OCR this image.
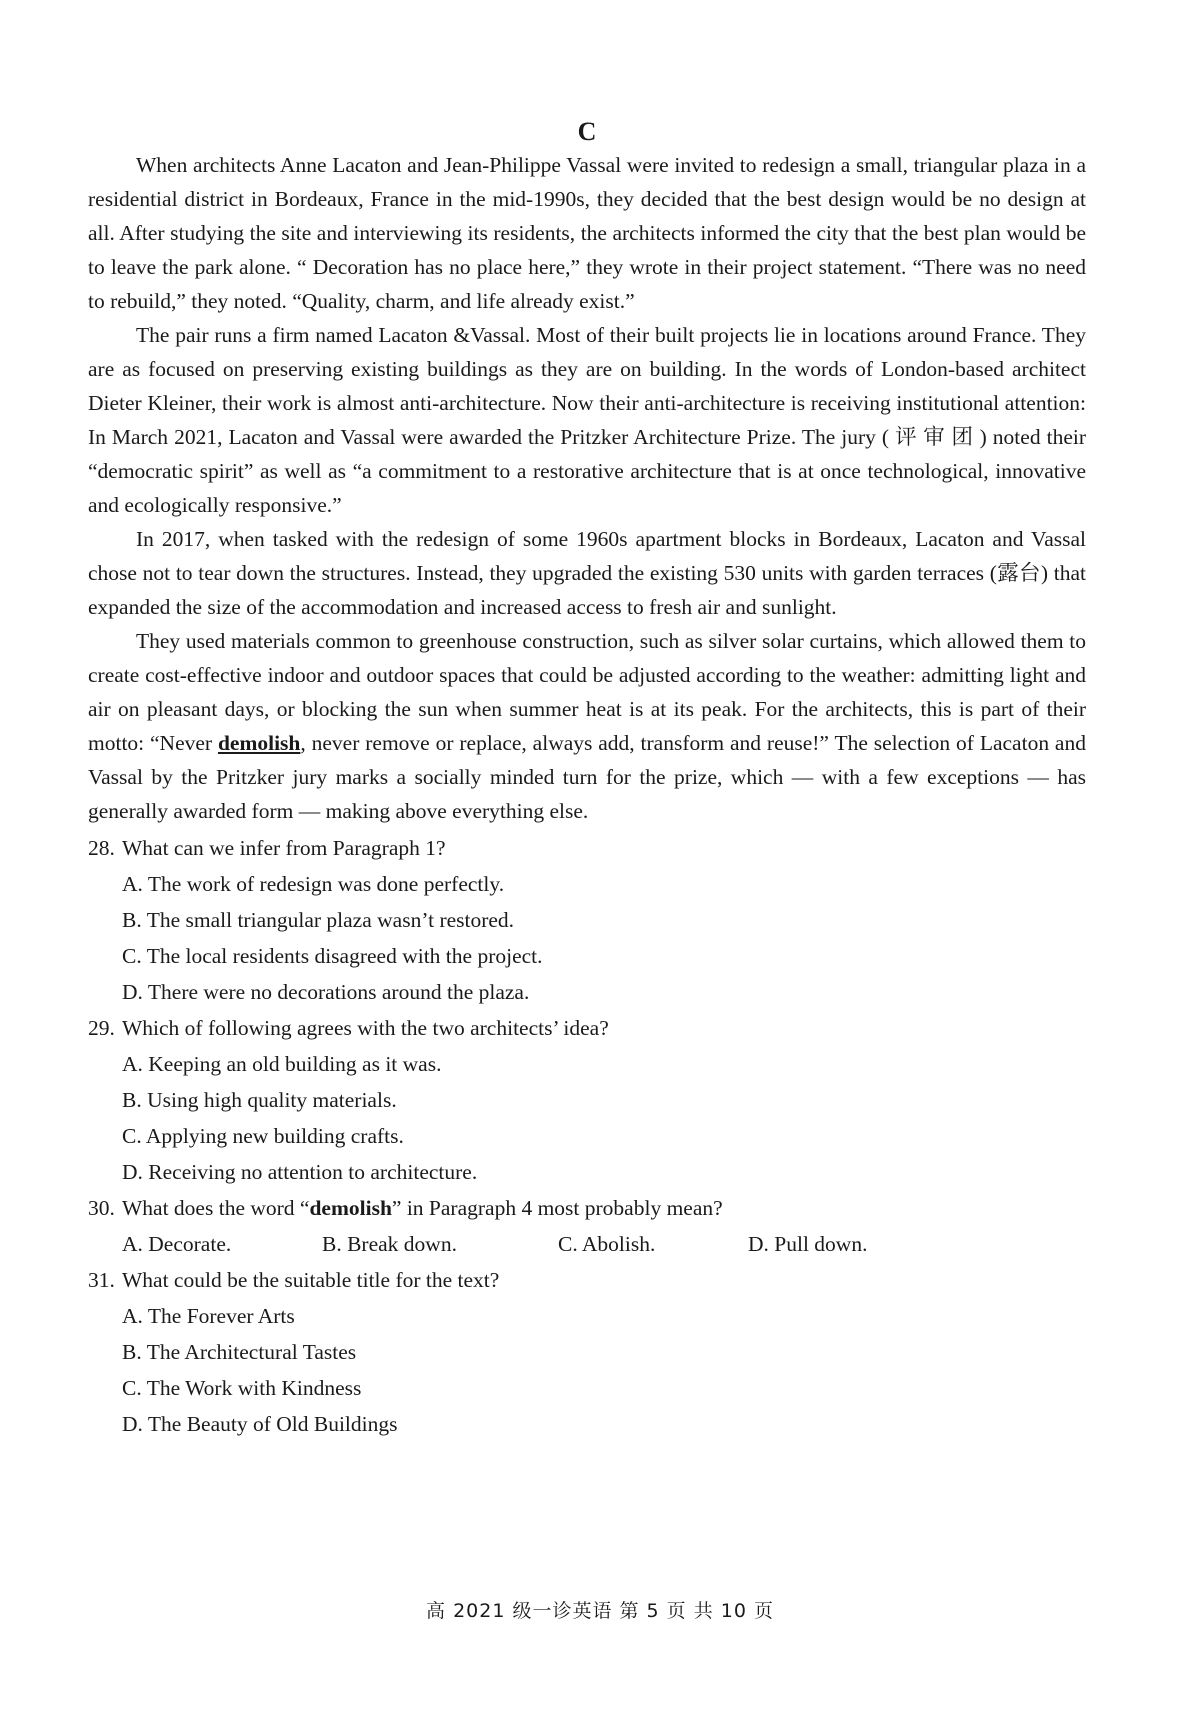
C

When architects Anne Lacaton and Jean-Philippe Vassal were invited to redesign a small, triangular plaza in a residential district in Bordeaux, France in the mid-1990s, they decided that the best design would be no design at all. After studying the site and interviewing its residents, the architects informed the city that the best plan would be to leave the park alone. “ Decoration has no place here,” they wrote in their project statement. “There was no need to rebuild,” they noted. “Quality, charm, and life already exist.”

The pair runs a firm named Lacaton &Vassal. Most of their built projects lie in locations around France. They are as focused on preserving existing buildings as they are on building. In the words of London-based architect Dieter Kleiner, their work is almost anti-architecture. Now their anti-architecture is receiving institutional attention: In March 2021, Lacaton and Vassal were awarded the Pritzker Architecture Prize. The jury ( 评 审 团 ) noted their “democratic spirit” as well as “a commitment to a restorative architecture that is at once technological, innovative and ecologically responsive.”

In 2017, when tasked with the redesign of some 1960s apartment blocks in Bordeaux, Lacaton and Vassal chose not to tear down the structures. Instead, they upgraded the existing 530 units with garden terraces (露台) that expanded the size of the accommodation and increased access to fresh air and sunlight.

They used materials common to greenhouse construction, such as silver solar curtains, which allowed them to create cost-effective indoor and outdoor spaces that could be adjusted according to the weather: admitting light and air on pleasant days, or blocking the sun when summer heat is at its peak. For the architects, this is part of their motto: “Never demolish, never remove or replace, always add, transform and reuse!” The selection of Lacaton and Vassal by the Pritzker jury marks a socially minded turn for the prize, which — with a few exceptions — has generally awarded form — making above everything else.

28. What can we infer from Paragraph 1?

A. The work of redesign was done perfectly.

B. The small triangular plaza wasn’t restored.

C. The local residents disagreed with the project.

D. There were no decorations around the plaza.

29. Which of following agrees with the two architects’ idea?

A. Keeping an old building as it was.

B. Using high quality materials.

C. Applying new building crafts.

D. Receiving no attention to architecture.

30. What does the word “demolish” in Paragraph 4 most probably mean?

A. Decorate.	B. Break down.	C. Abolish.	D. Pull down.

31. What could be the suitable title for the text?

A. The Forever Arts

B. The Architectural Tastes

C. The Work with Kindness

D. The Beauty of Old Buildings

高 2021 级一诊英语 第 5 页 共 10 页
